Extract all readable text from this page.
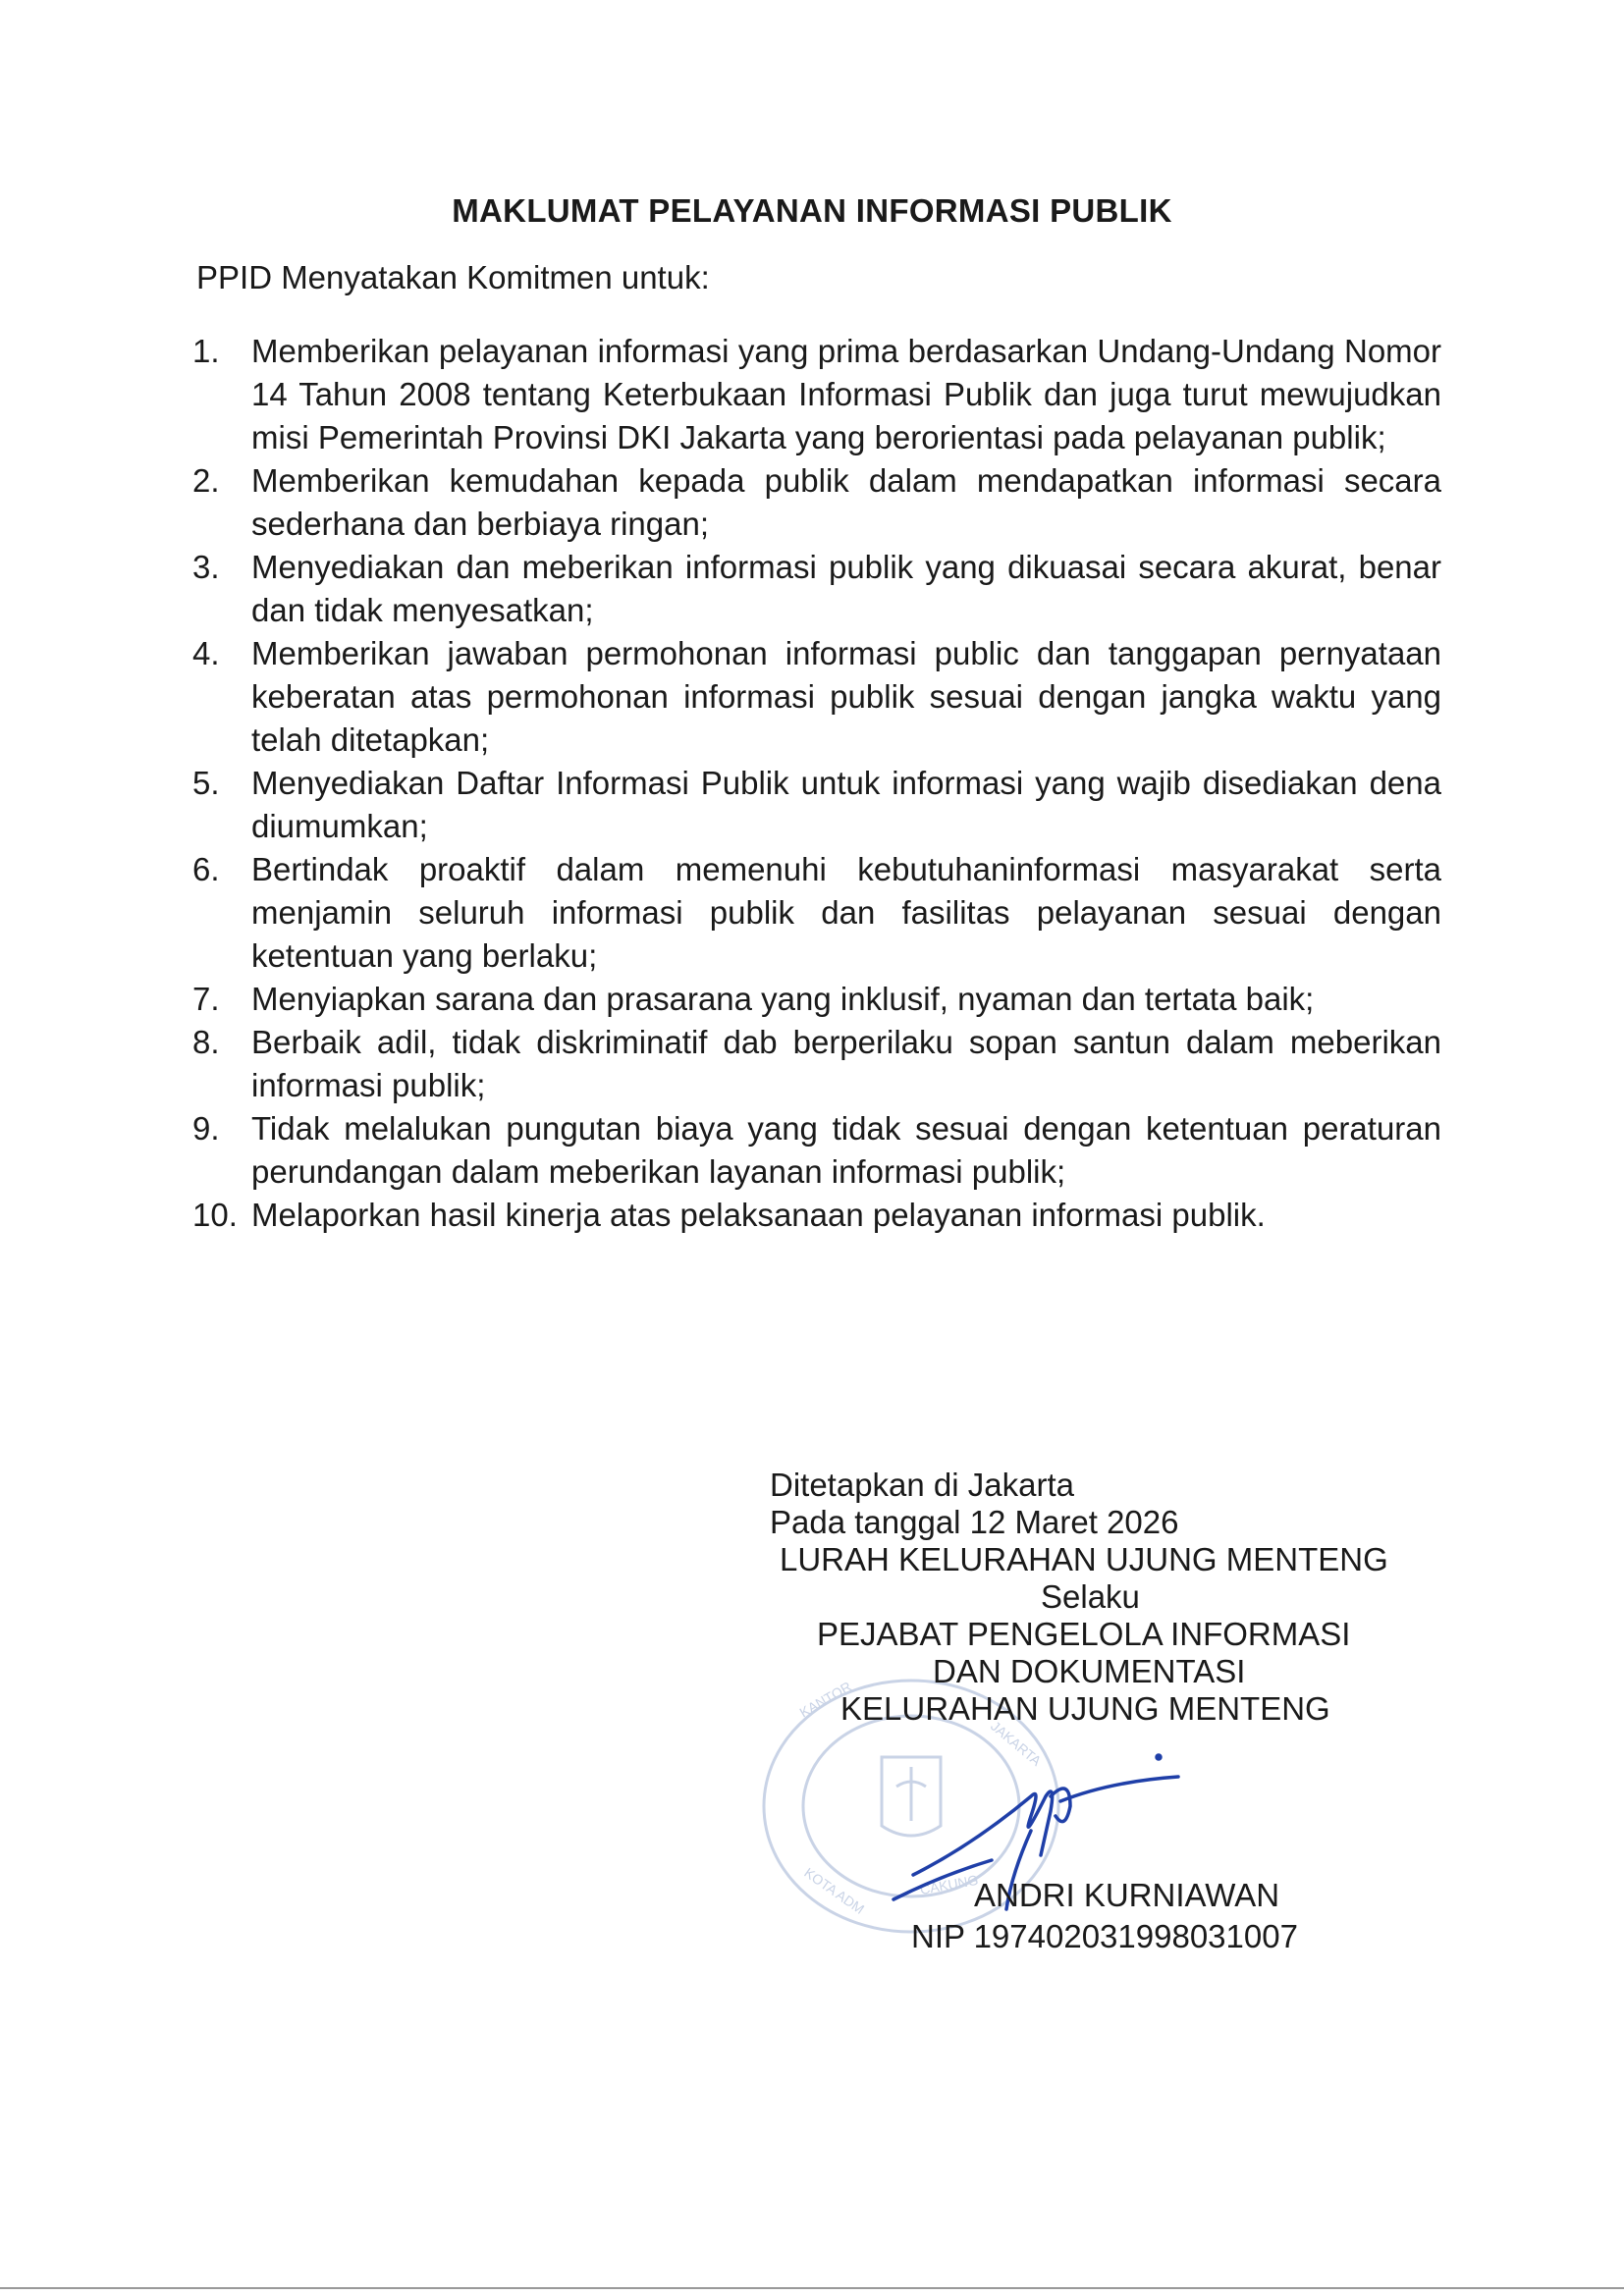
MAKLUMAT PELAYANAN INFORMASI PUBLIK
PPID Menyatakan Komitmen untuk:
1. Memberikan pelayanan informasi yang prima berdasarkan Undang-Undang Nomor 14 Tahun 2008 tentang Keterbukaan Informasi Publik dan juga turut mewujudkan misi Pemerintah Provinsi DKI Jakarta yang berorientasi pada pelayanan publik;
2. Memberikan kemudahan kepada publik dalam mendapatkan informasi secara sederhana dan berbiaya ringan;
3. Menyediakan dan meberikan informasi publik yang dikuasai secara akurat, benar dan tidak menyesatkan;
4. Memberikan jawaban permohonan informasi public dan tanggapan pernyataan keberatan atas permohonan informasi publik sesuai dengan jangka waktu yang telah ditetapkan;
5. Menyediakan Daftar Informasi Publik untuk informasi yang wajib disediakan dena diumumkan;
6. Bertindak proaktif dalam memenuhi kebutuhaninformasi masyarakat serta menjamin seluruh informasi publik dan fasilitas pelayanan sesuai dengan ketentuan yang berlaku;
7. Menyiapkan sarana dan prasarana yang inklusif, nyaman dan tertata baik;
8. Berbaik adil, tidak diskriminatif dab berperilaku sopan santun dalam meberikan informasi publik;
9. Tidak melalukan pungutan biaya yang tidak sesuai dengan ketentuan peraturan perundangan dalam meberikan layanan informasi publik;
10. Melaporkan hasil kinerja atas pelaksanaan pelayanan informasi publik.
KANTOR
JAKARTA
CAKUNG
KOTA ADM
Ditetapkan di Jakarta
Pada tanggal 12 Maret 2026
LURAH KELURAHAN UJUNG MENTENG
Selaku
PEJABAT PENGELOLA INFORMASI
DAN DOKUMENTASI
KELURAHAN UJUNG MENTENG
ANDRI KURNIAWAN
NIP 197402031998031007
